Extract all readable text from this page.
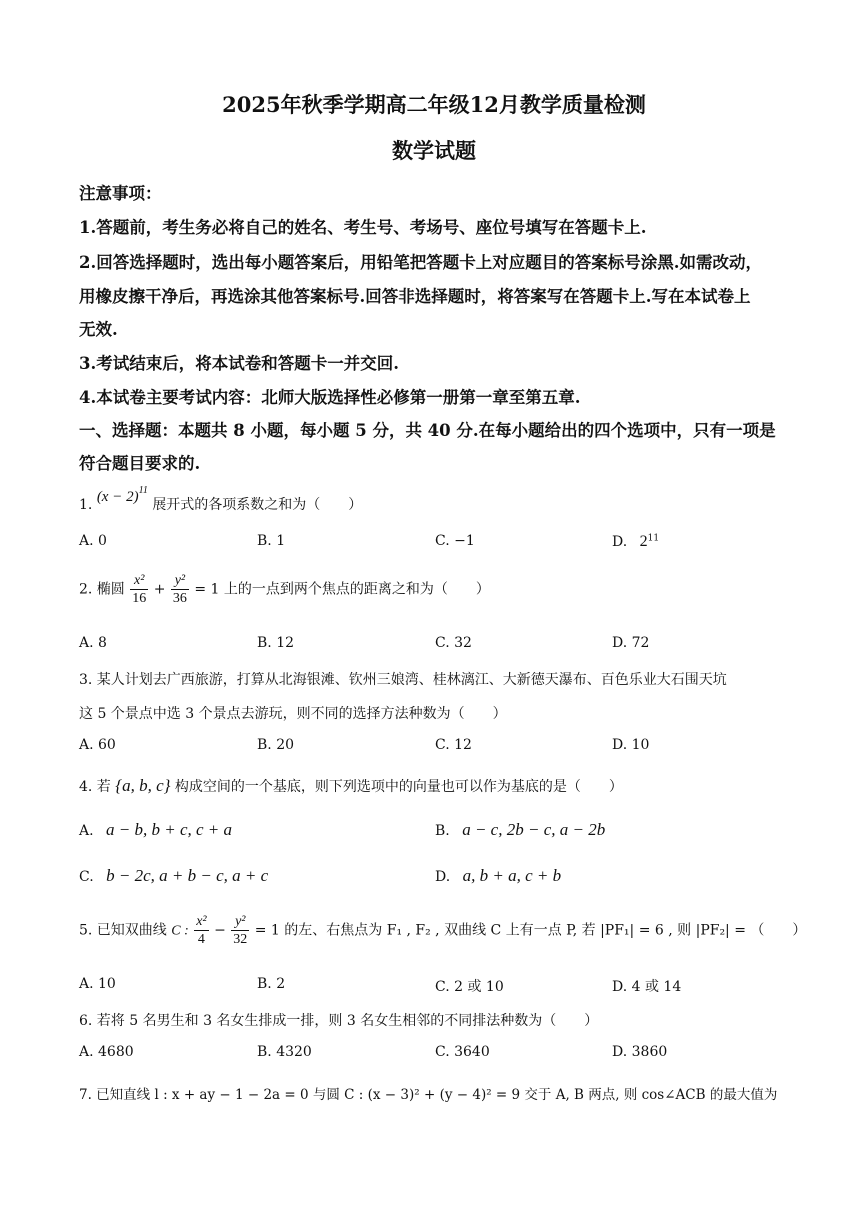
2025年秋季学期高二年级12月教学质量检测
数学试题
注意事项：
1.答题前，考生务必将自己的姓名、考生号、考场号、座位号填写在答题卡上.
2.回答选择题时，选出每小题答案后，用铅笔把答题卡上对应题目的答案标号涂黑.如需改动，
用橡皮擦干净后，再选涂其他答案标号.回答非选择题时，将答案写在答题卡上.写在本试卷上
无效.
3.考试结束后，将本试卷和答题卡一并交回.
4.本试卷主要考试内容：北师大版选择性必修第一册第一章至第五章.
一、选择题：本题共 8 小题，每小题 5 分，共 40 分.在每小题给出的四个选项中，只有一项是
符合题目要求的.
1. $(x - 2)^{11}$ 展开式的各项系数之和为（　　）
A. 0	B. 1	C. −1	D. $2^{11}$
2. 椭圆 $\frac{\text{x²}}{16} + \frac{\text{y²}}{36} = 1$ 上的一点到两个焦点的距离之和为（　　）
A. 8	B. 12	C. 32	D. 72
3. 某人计划去广西旅游，打算从北海银滩、钦州三娘湾、桂林漓江、大新德天瀑布、百色乐业大石围天坑
这 5 个景点中选 3 个景点去游玩，则不同的选择方法种数为（　　）
A. 60	B. 20	C. 12	D. 10
4. 若 {a, b, c} 构成空间的一个基底，则下列选项中的向量也可以作为基底的是（　　）
A. a − b, b + c, c + a	B. a − c, 2b − c, a − 2b
C. b − 2c, a + b − c, a + c	D. a, b + a, c + b
5. 已知双曲线 C : $\frac{\text{x²}}{4} - \frac{\text{y²}}{32} = 1$ 的左、右焦点为 F₁ , F₂ , 双曲线 C 上有一点 P, 若 |PF₁| = 6 , 则 |PF₂| = （　　）
A. 10	B. 2	C. 2 或 10	D. 4 或 14
6. 若将 5 名男生和 3 名女生排成一排，则 3 名女生相邻的不同排法种数为（　　）
A. 4680	B. 4320	C. 3640	D. 3860
7. 已知直线 l : x + ay − 1 − 2a = 0 与圆 C : (x − 3)² + (y − 4)² = 9 交于 A, B 两点, 则 cos∠ACB 的最大值为
